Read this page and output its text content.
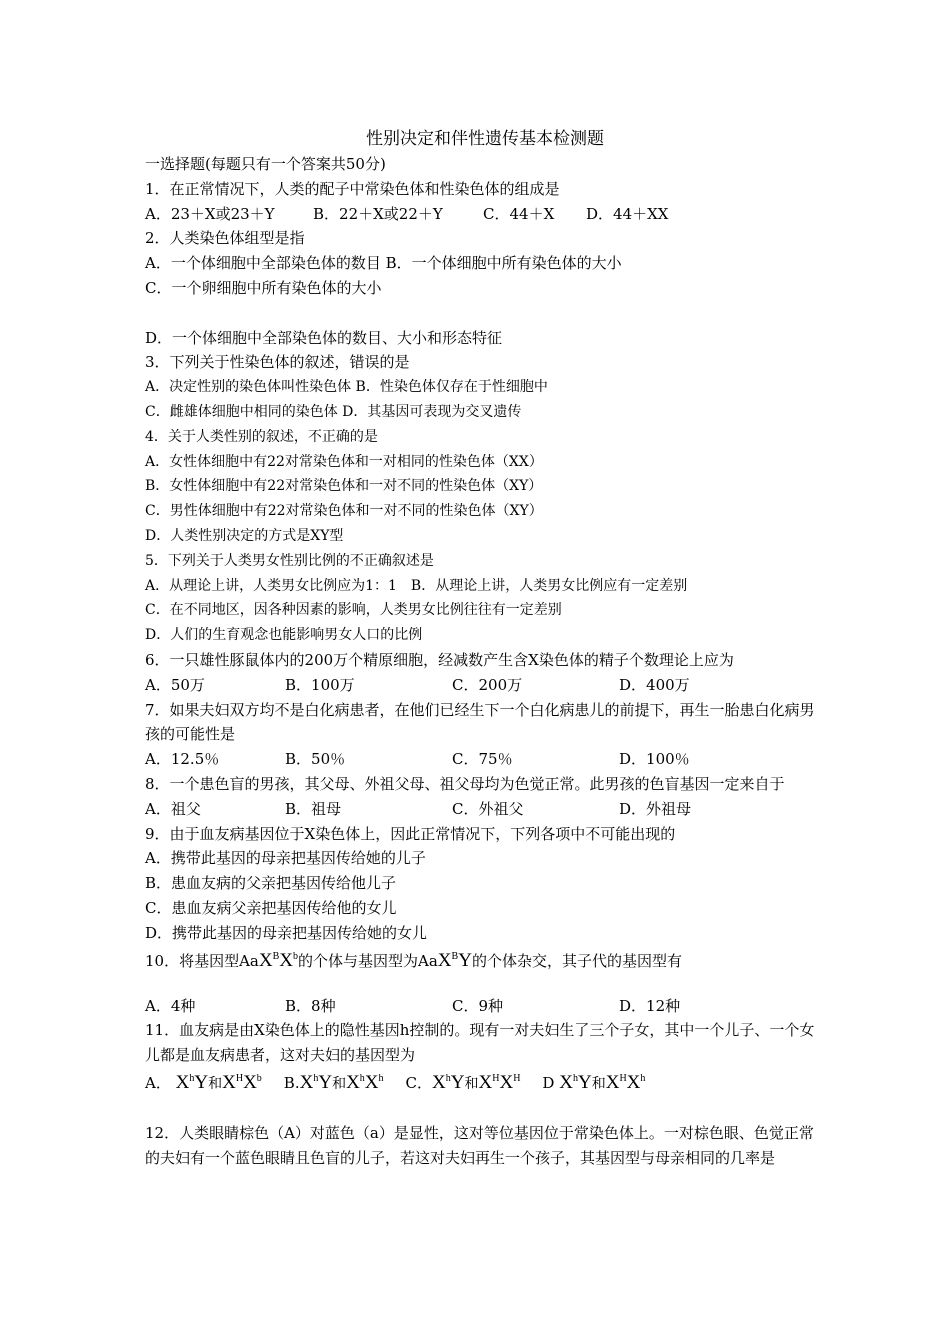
性别决定和伴性遗传基本检测题

一选择题(每题只有一个答案共50分)

1．在正常情况下，人类的配子中常染色体和性染色体的组成是

A．23＋X或23＋Y	B．22＋X或22＋Y	C．44＋X D．44＋XX

2．人类染色体组型是指

A．一个体细胞中全部染色体的数目 B．一个体细胞中所有染色体的大小

C．一个卵细胞中所有染色体的大小

D．一个体细胞中全部染色体的数目、大小和形态特征

3．下列关于性染色体的叙述，错误的是

A．决定性别的染色体叫性染色体 B．性染色体仅存在于性细胞中

C．雌雄体细胞中相同的染色体 D．其基因可表现为交叉遗传

4．关于人类性别的叙述，不正确的是

A．女性体细胞中有22对常染色体和一对相同的性染色体（XX）

B．女性体细胞中有22对常染色体和一对不同的性染色体（XY）

C．男性体细胞中有22对常染色体和一对不同的性染色体（XY）

D．人类性别决定的方式是XY型

5．下列关于人类男女性别比例的不正确叙述是

A．从理论上讲，人类男女比例应为1：1　B．从理论上讲，人类男女比例应有一定差别

C．在不同地区，因各种因素的影响，人类男女比例往往有一定差别

D．人们的生育观念也能影响男女人口的比例

6．一只雄性豚鼠体内的200万个精原细胞，经减数产生含X染色体的精子个数理论上应为

A．50万	B．100万	C．200万	D．400万

7．如果夫妇双方均不是白化病患者，在他们已经生下一个白化病患儿的前提下，再生一胎患白化病男孩的可能性是

A．12.5％	B．50％	C．75％	D．100％

8．一个患色盲的男孩，其父母、外祖父母、祖父母均为色觉正常。此男孩的色盲基因一定来自于

A．祖父	B．祖母	C．外祖父	D．外祖母

9．由于血友病基因位于X染色体上，因此正常情况下，下列各项中不可能出现的

A．携带此基因的母亲把基因传给她的儿子

B．患血友病的父亲把基因传给他儿子

C．患血友病父亲把基因传给他的女儿

D．携带此基因的母亲把基因传给她的女儿

10．将基因型$AaX^BX^b$的个体与基因型为AaX$^B$Y的个体杂交，其子代的基因型有

A．4种	B．8种	C．9种	D．12种

11．血友病是由X染色体上的隐性基因h控制的。现有一对夫妇生了三个子女，其中一个儿子、一个女儿都是血友病患者，这对夫妇的基因型为

A． $X^hY$和$X^HX^b$ $B.X^hY$和$X^hX^h$ C．$X^hY$和$X^HX^H$ D $X^hY$和$X^HX^h$

12．人类眼睛棕色（A）对蓝色（a）是显性，这对等位基因位于常染色体上。一对棕色眼、色觉正常的夫妇有一个蓝色眼睛且色盲的儿子，若这对夫妇再生一个孩子，其基因型与母亲相同的几率是
